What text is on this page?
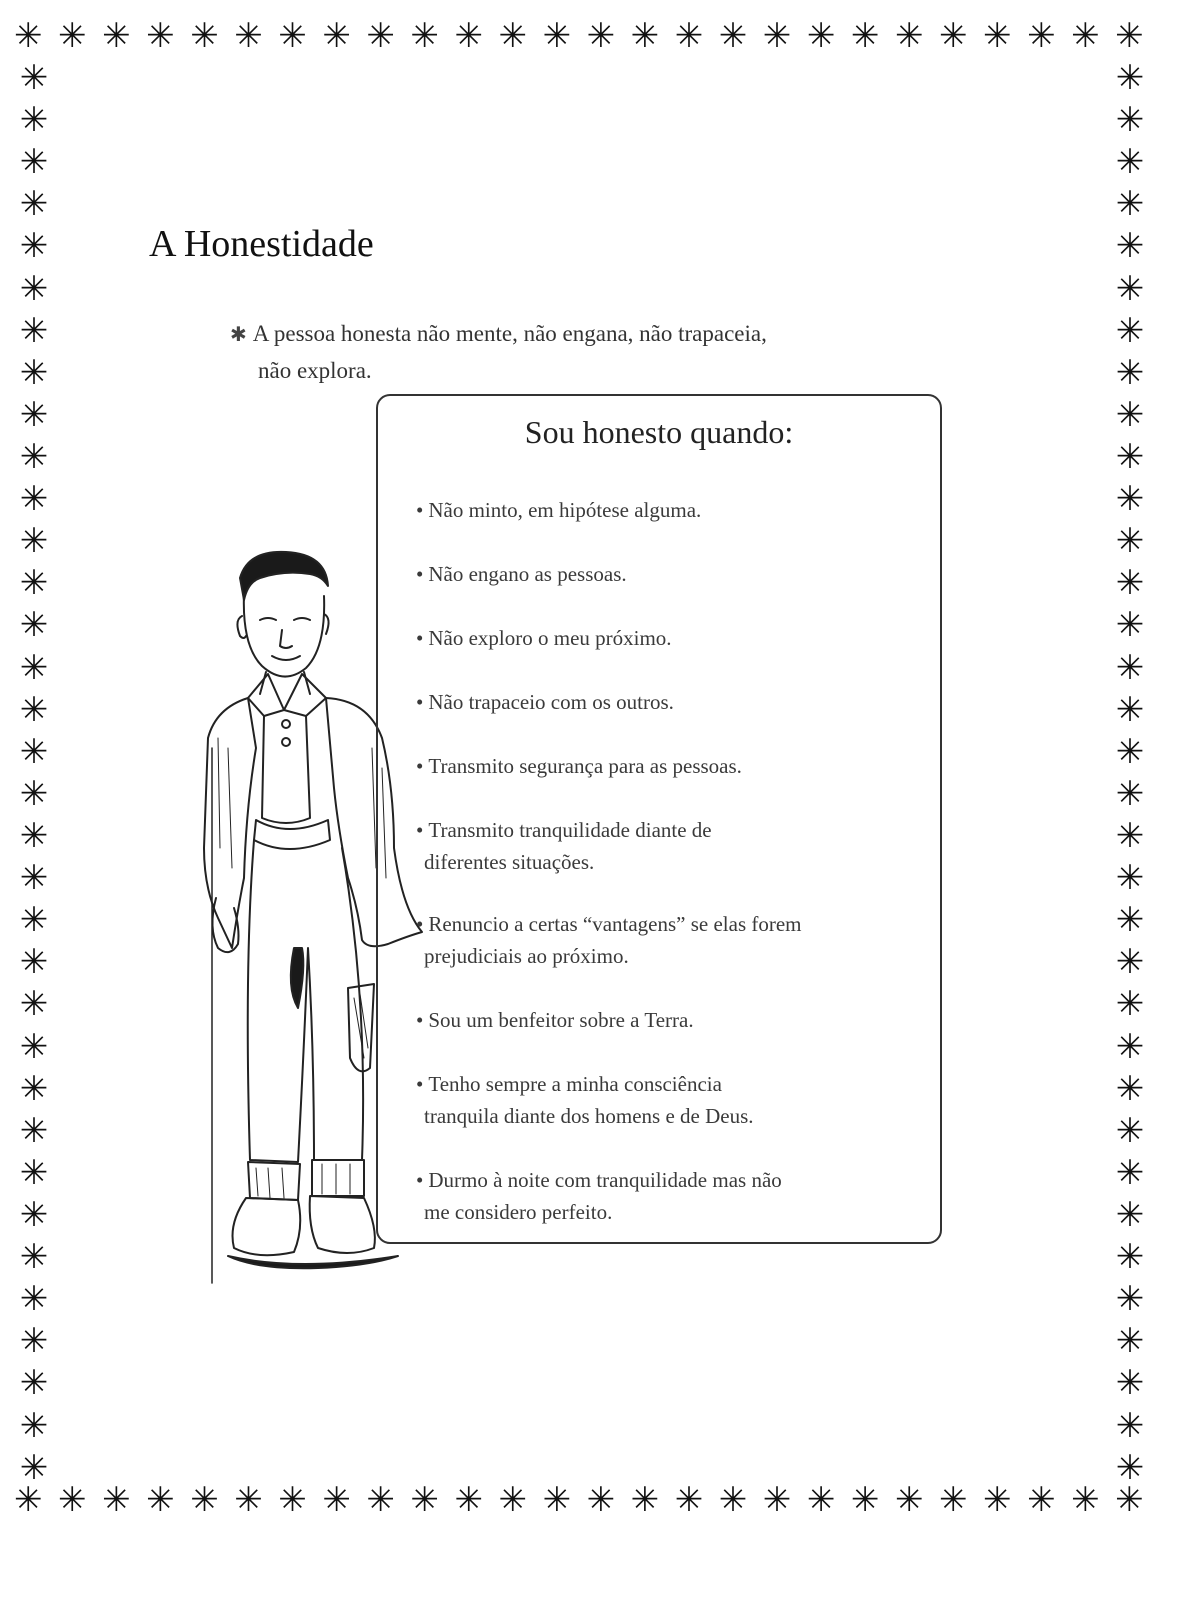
✳ ✳ ✳ ✳ ✳ ✳ ✳ ✳ ✳ ✳ ✳ ✳ ✳ ✳ ✳ ✳ ✳ ✳ ✳ ✳ ✳ ✳ ✳ ✳ ✳ ✳
✳ ✳ ✳ ✳ ✳ ✳ ✳ ✳ ✳ ✳ ✳ ✳ ✳ ✳ ✳ ✳ ✳ ✳ ✳ ✳ ✳ ✳ ✳ ✳ ✳ ✳
✳
✳
✳
✳
✳
✳
✳
✳
✳
✳
✳
✳
✳
✳
✳
✳
✳
✳
✳
✳
✳
✳
✳
✳
✳
✳
✳
✳
✳
✳
✳
✳
✳
✳
✳
✳
✳
✳
✳
✳
✳
✳
✳
✳
✳
✳
✳
✳
✳
✳
✳
✳
✳
✳
✳
✳
✳
✳
✳
✳
✳
✳
✳
✳
✳
✳
✳
✳
A Honestidade
✱ A pessoa honesta não mente, não engana, não trapaceia,
não explora.
Sou honesto quando:
• Não minto, em hipótese alguma.
• Não engano as pessoas.
• Não exploro o meu próximo.
• Não trapaceio com os outros.
• Transmito segurança para as pessoas.
• Transmito tranquilidade diante de
diferentes situações.
• Renuncio a certas “vantagens” se elas forem
prejudiciais ao próximo.
• Sou um benfeitor sobre a Terra.
• Tenho sempre a minha consciência
tranquila diante dos homens e de Deus.
• Durmo à noite com tranquilidade mas não
me considero perfeito.
